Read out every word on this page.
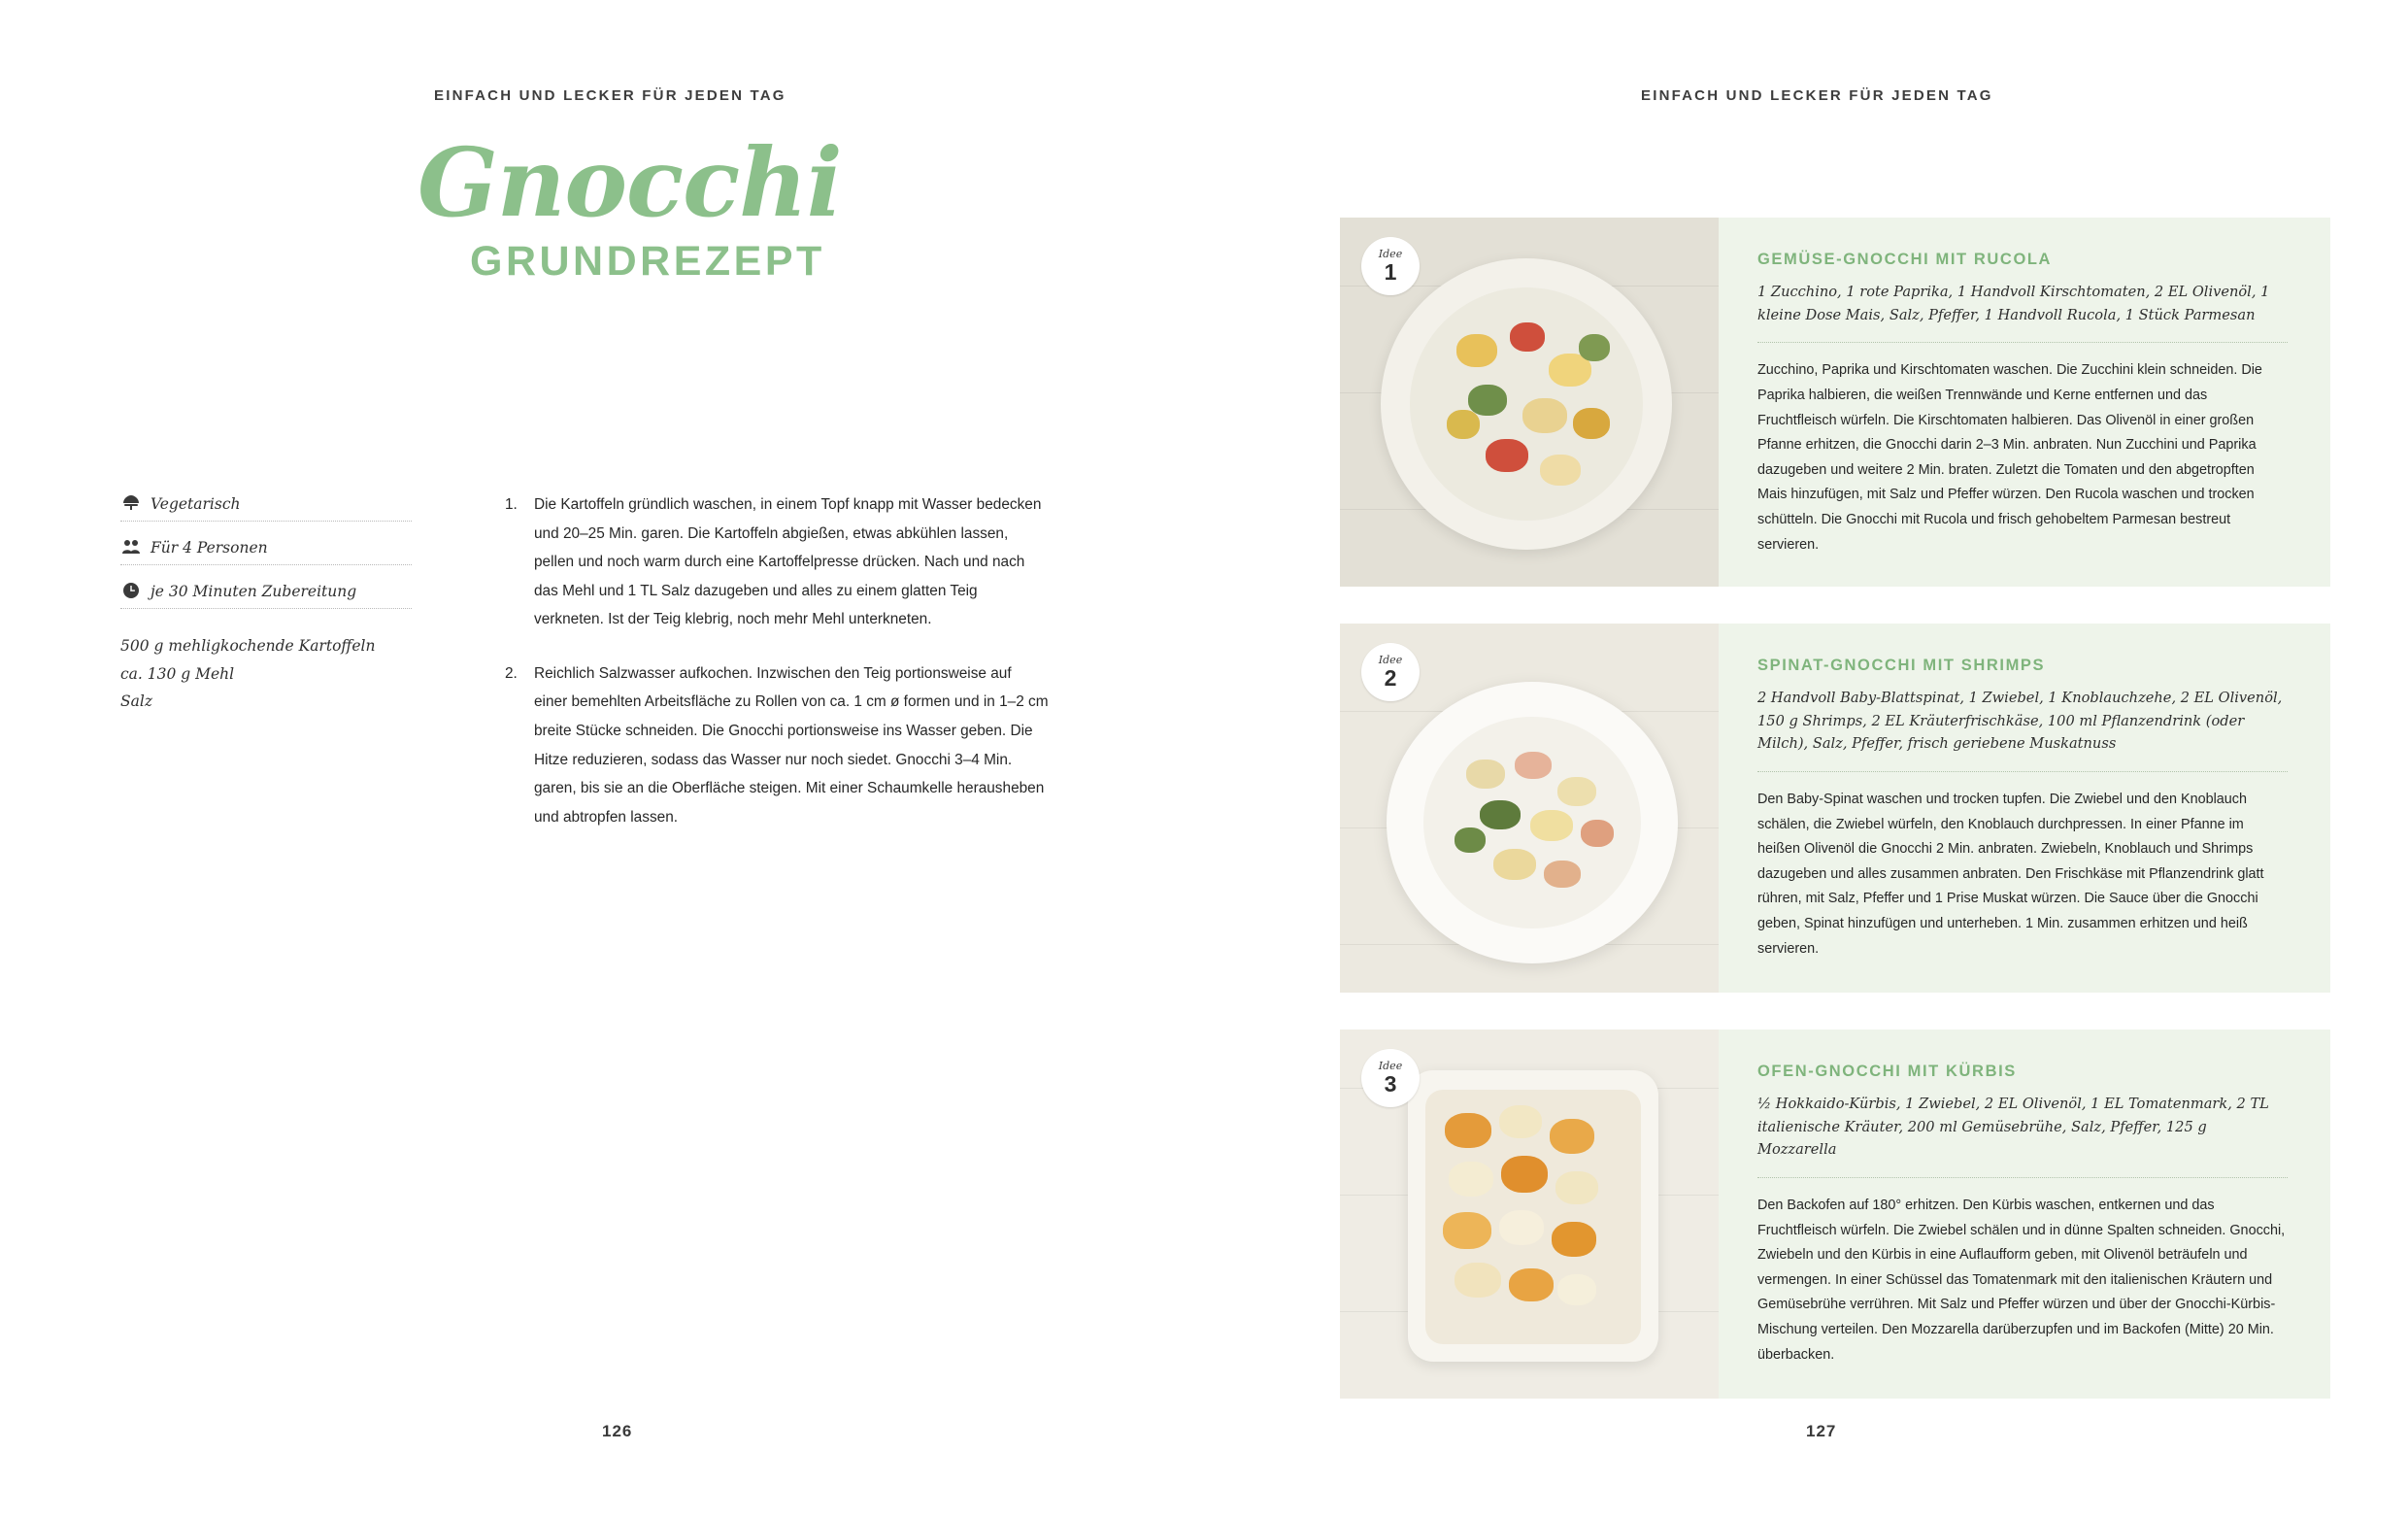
EINFACH UND LECKER FÜR JEDEN TAG
Gnocchi
GRUNDREZEPT
Vegetarisch
Für 4 Personen
je 30 Minuten Zubereitung
500 g mehligkochende Kartoffeln
ca. 130 g Mehl
Salz
1.	Die Kartoffeln gründlich waschen, in einem Topf knapp mit Wasser bedecken und 20–25 Min. garen. Die Kartoffeln abgießen, etwas abkühlen lassen, pellen und noch warm durch eine Kartoffelpresse drücken. Nach und nach das Mehl und 1 TL Salz dazugeben und alles zu einem glatten Teig verkneten. Ist der Teig klebrig, noch mehr Mehl unterkneten.
2.	Reichlich Salzwasser aufkochen. Inzwischen den Teig portionsweise auf einer bemehlten Arbeitsfläche zu Rollen von ca. 1 cm ø formen und in 1–2 cm breite Stücke schneiden. Die Gnocchi portionsweise ins Wasser geben. Die Hitze reduzieren, sodass das Wasser nur noch siedet. Gnocchi 3–4 Min. garen, bis sie an die Oberfläche steigen. Mit einer Schaumkelle herausheben und abtropfen lassen.
126
EINFACH UND LECKER FÜR JEDEN TAG
Idee
1	GEMÜSE-GNOCCHI MIT RUCOLA
1 Zucchino, 1 rote Paprika, 1 Handvoll Kirschtomaten, 2 EL Olivenöl, 1 kleine Dose Mais, Salz, Pfeffer, 1 Handvoll Rucola, 1 Stück Parmesan
Zucchino, Paprika und Kirschtomaten waschen. Die Zucchini klein schneiden. Die Paprika halbieren, die weißen Trennwände und Kerne entfernen und das Fruchtfleisch würfeln. Die Kirschtomaten halbieren. Das Olivenöl in einer großen Pfanne erhitzen, die Gnocchi darin 2–3 Min. anbraten. Nun Zucchini und Paprika dazugeben und weitere 2 Min. braten. Zuletzt die Tomaten und den abgetropften Mais hinzufügen, mit Salz und Pfeffer würzen. Den Rucola waschen und trocken schütteln. Die Gnocchi mit Rucola und frisch gehobeltem Parmesan bestreut servieren.
Idee
2	SPINAT-GNOCCHI MIT SHRIMPS
2 Handvoll Baby-Blattspinat, 1 Zwiebel, 1 Knoblauchzehe, 2 EL Olivenöl, 150 g Shrimps, 2 EL Kräuterfrischkäse, 100 ml Pflanzendrink (oder Milch), Salz, Pfeffer, frisch geriebene Muskatnuss
Den Baby-Spinat waschen und trocken tupfen. Die Zwiebel und den Knoblauch schälen, die Zwiebel würfeln, den Knoblauch durchpressen. In einer Pfanne im heißen Olivenöl die Gnocchi 2 Min. anbraten. Zwiebeln, Knoblauch und Shrimps dazugeben und alles zusammen anbraten. Den Frischkäse mit Pflanzendrink glatt rühren, mit Salz, Pfeffer und 1 Prise Muskat würzen. Die Sauce über die Gnocchi geben, Spinat hinzufügen und unterheben. 1 Min. zusammen erhitzen und heiß servieren.
Idee
3	OFEN-GNOCCHI MIT KÜRBIS
½ Hokkaido-Kürbis, 1 Zwiebel, 2 EL Olivenöl, 1 EL Tomatenmark, 2 TL italienische Kräuter, 200 ml Gemüsebrühe, Salz, Pfeffer, 125 g Mozzarella
Den Backofen auf 180° erhitzen. Den Kürbis waschen, entkernen und das Fruchtfleisch würfeln. Die Zwiebel schälen und in dünne Spalten schneiden. Gnocchi, Zwiebeln und den Kürbis in eine Auflaufform geben, mit Olivenöl beträufeln und vermengen. In einer Schüssel das Tomatenmark mit den italienischen Kräutern und Gemüsebrühe verrühren. Mit Salz und Pfeffer würzen und über der Gnocchi-Kürbis-Mischung verteilen. Den Mozzarella darüberzupfen und im Backofen (Mitte) 20 Min. überbacken.
127
